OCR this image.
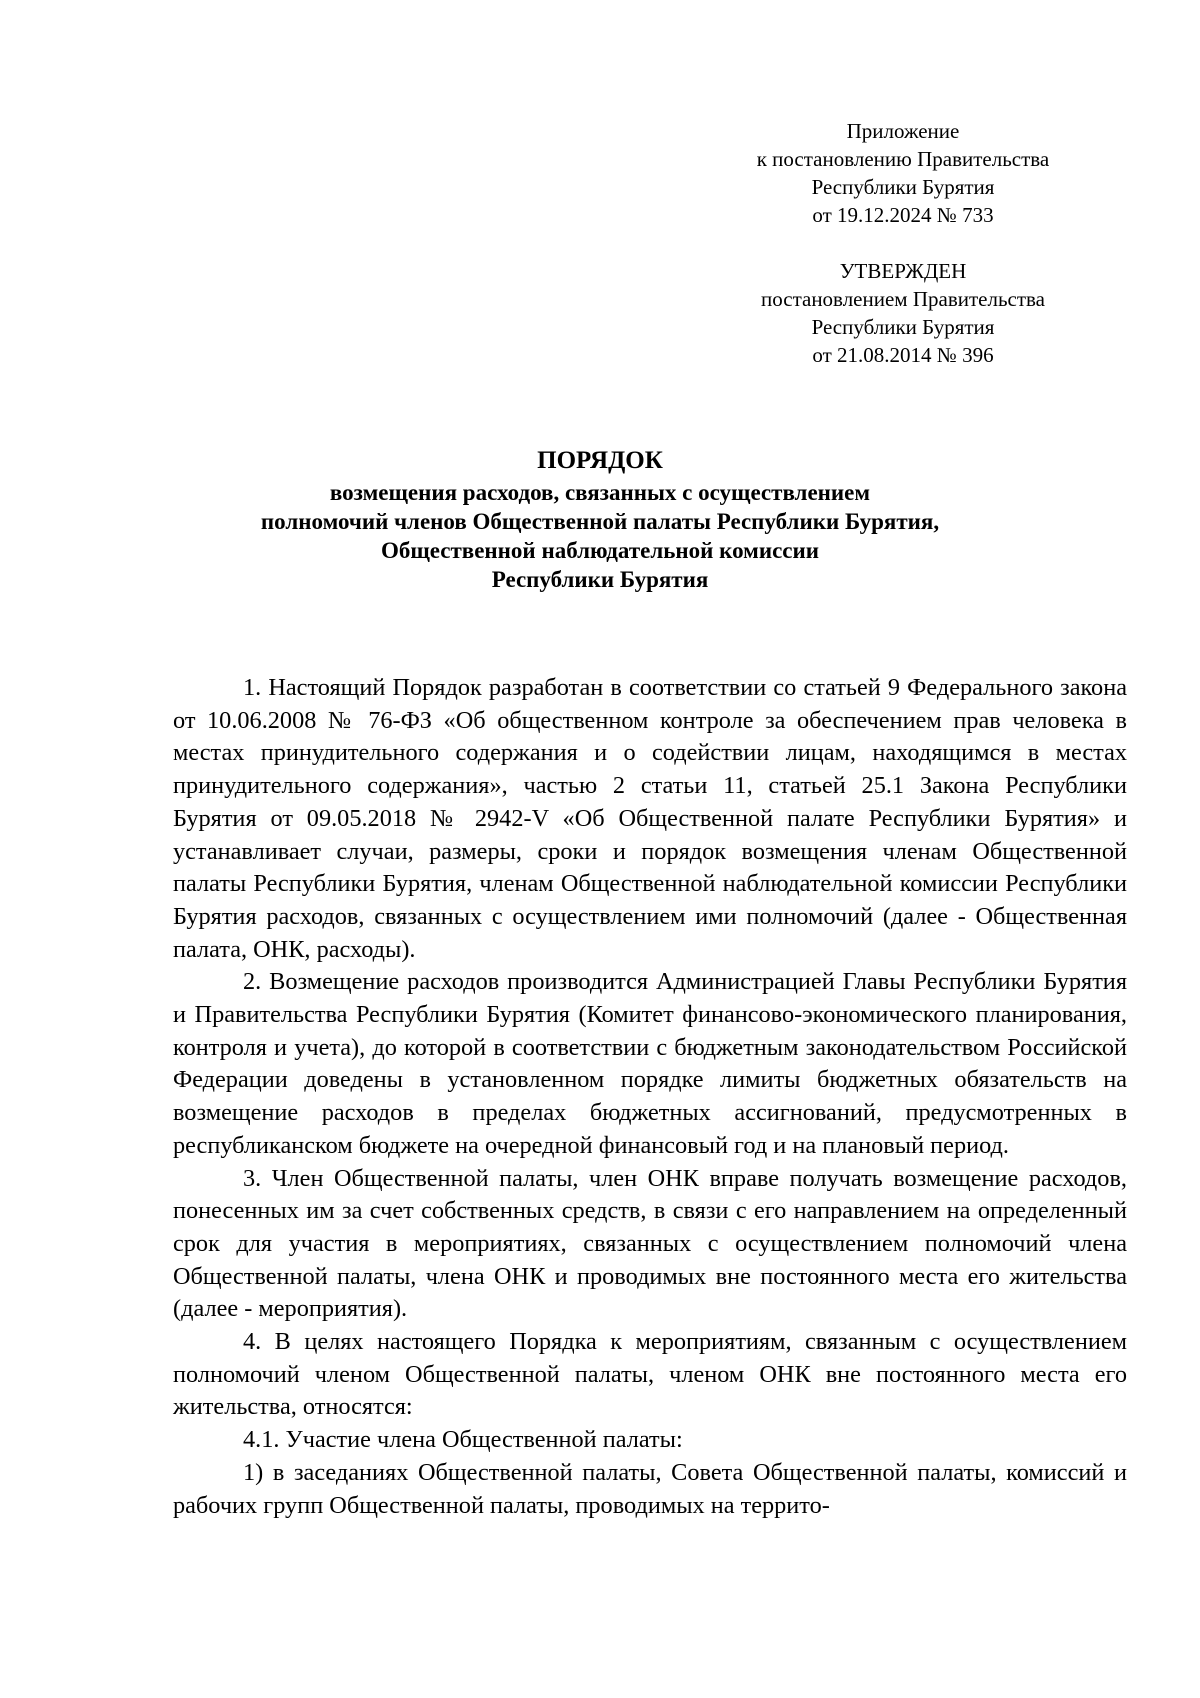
Приложение
к постановлению Правительства
Республики Бурятия
от 19.12.2024 № 733
УТВЕРЖДЕН
постановлением Правительства
Республики Бурятия
от 21.08.2014 № 396
ПОРЯДОК
возмещения расходов, связанных с осуществлением
полномочий членов Общественной палаты Республики Бурятия,
Общественной наблюдательной комиссии
Республики Бурятия

1. Настоящий Порядок разработан в соответствии со статьей 9 Федерального закона от 10.06.2008 № 76-ФЗ «Об общественном контроле за обеспечением прав человека в местах принудительного содержания и о содействии лицам, находящимся в местах принудительного содержания», частью 2 статьи 11, статьей 25.1 Закона Республики Бурятия от 09.05.2018 № 2942-V «Об Общественной палате Республики Бурятия» и устанавливает случаи, размеры, сроки и порядок возмещения членам Общественной палаты Республики Бурятия, членам Общественной наблюдательной комиссии Республики Бурятия расходов, связанных с осуществлением ими полномочий (далее - Общественная палата, ОНК, расходы).

2. Возмещение расходов производится Администрацией Главы Республики Бурятия и Правительства Республики Бурятия (Комитет финансово-экономического планирования, контроля и учета), до которой в соответствии с бюджетным законодательством Российской Федерации доведены в установленном порядке лимиты бюджетных обязательств на возмещение расходов в пределах бюджетных ассигнований, предусмотренных в республиканском бюджете на очередной финансовый год и на плановый период.

3. Член Общественной палаты, член ОНК вправе получать возмещение расходов, понесенных им за счет собственных средств, в связи с его направлением на определенный срок для участия в мероприятиях, связанных с осуществлением полномочий члена Общественной палаты, члена ОНК и проводимых вне постоянного места его жительства (далее - мероприятия).

4. В целях настоящего Порядка к мероприятиям, связанным с осуществлением полномочий членом Общественной палаты, членом ОНК вне постоянного места его жительства, относятся:

4.1. Участие члена Общественной палаты:

1) в заседаниях Общественной палаты, Совета Общественной палаты, комиссий и рабочих групп Общественной палаты, проводимых на террито-
